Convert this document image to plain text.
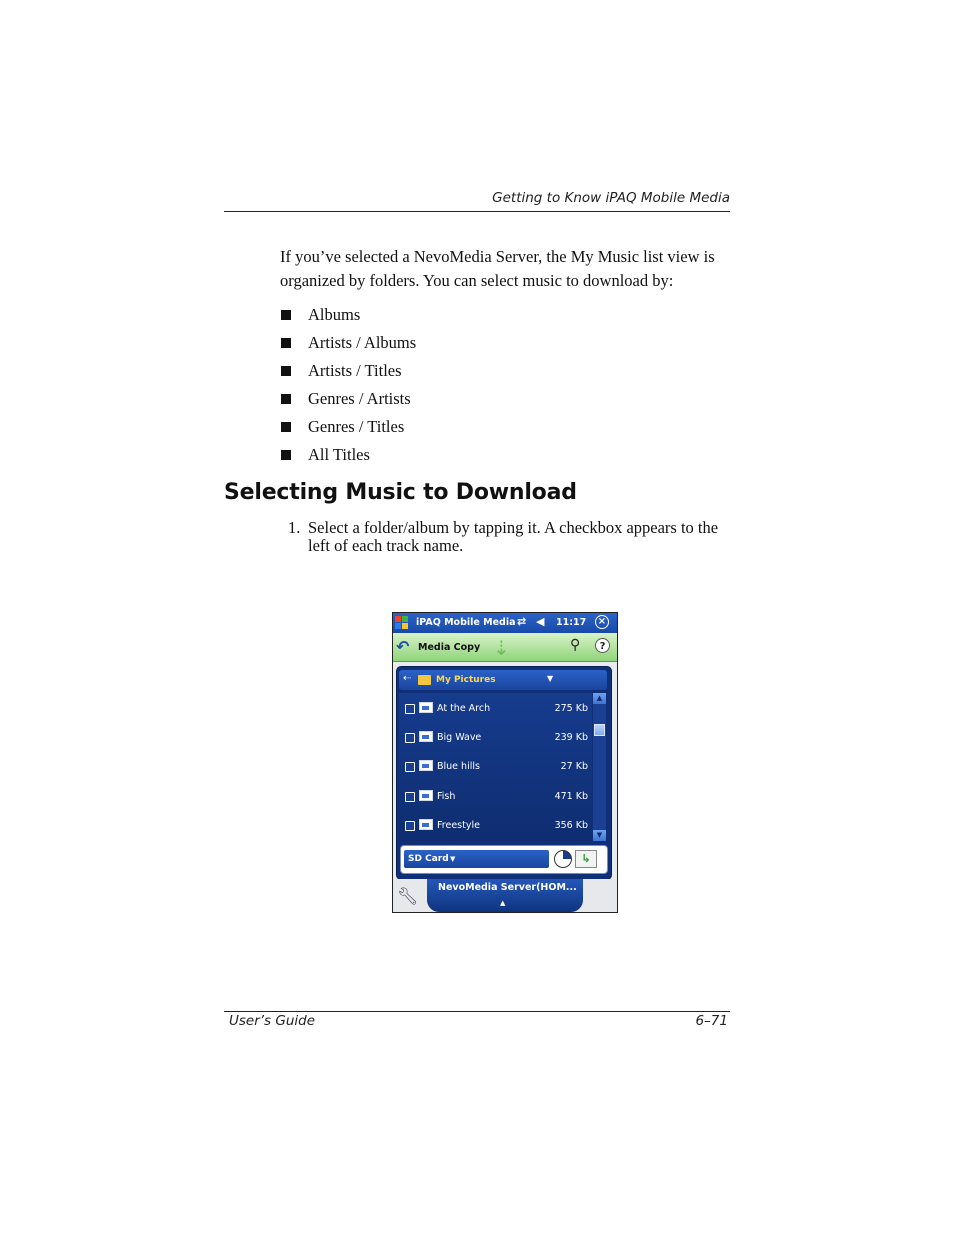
Getting to Know iPAQ Mobile Media
If you’ve selected a NevoMedia Server, the My Music list view is organized by folders. You can select music to download by:
Albums
Artists / Albums
Artists / Titles
Genres / Artists
Genres / Titles
All Titles
Selecting Music to Download
1. Select a folder/album by tapping it. A checkbox appears to the left of each track name.
iPAQ Mobile Media ⇄ ◀︎ 11:17 ×
↶ Media Copy ⇣	⚲	?
⇠	My Pictures	▼
At the Arch	275 Kb
Big Wave	239 Kb
Blue hills	27 Kb
Fish	471 Kb
Freestyle	356 Kb
▲
▼
SD Card ▼	↳
🔧︎ NevoMedia Server(HOM...
▲
User’s Guide	6–71
